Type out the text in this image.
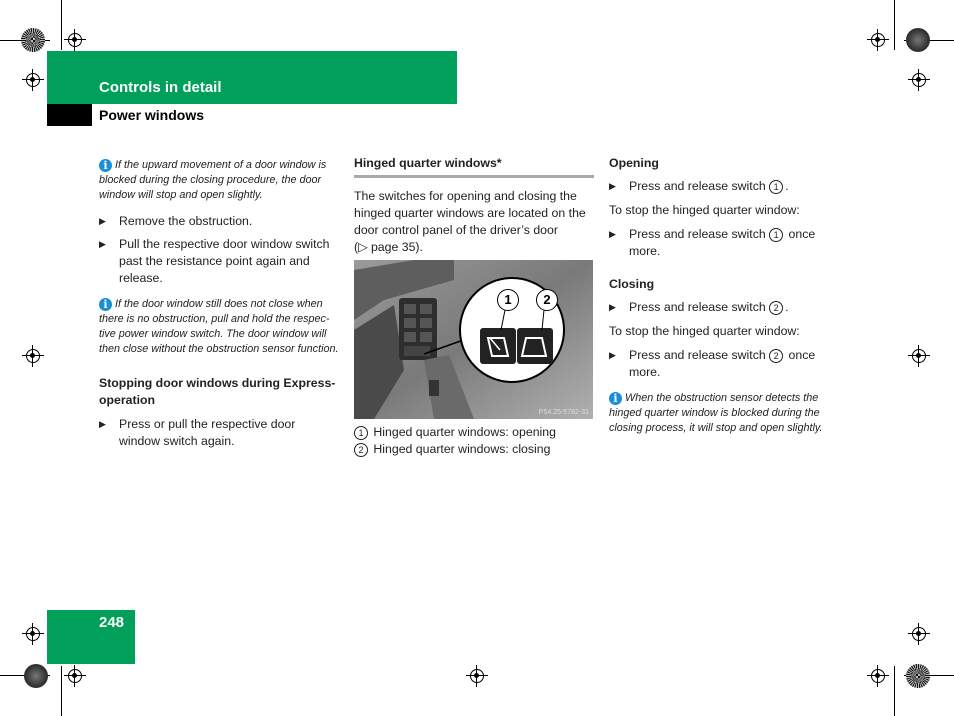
Controls in detail
Power windows

i If the upward movement of a door window is blocked during the closing procedure, the door window will stop and open slightly.

▶ Remove the obstruction.

▶ Pull the respective door window switch past the resistance point again and release.

i If the door window still does not close when there is no obstruction, pull and hold the respec-tive power window switch. The door window will then close without the obstruction sensor function.

Stopping door windows during Express-operation

▶ Press or pull the respective door window switch again.

Hinged quarter windows*

The switches for opening and closing the hinged quarter windows are located on the door control panel of the driver’s door
(▷ page 35).

1	2
P54.25-5782-31

1 Hinged quarter windows: opening

2 Hinged quarter windows: closing

Opening

▶ Press and release switch 1 .

To stop the hinged quarter window:

▶ Press and release switch 1 once more.

Closing

▶ Press and release switch 2 .

To stop the hinged quarter window:

▶ Press and release switch 2 once more.

i When the obstruction sensor detects the hinged quarter window is blocked during the closing process, it will stop and open slightly.

248
